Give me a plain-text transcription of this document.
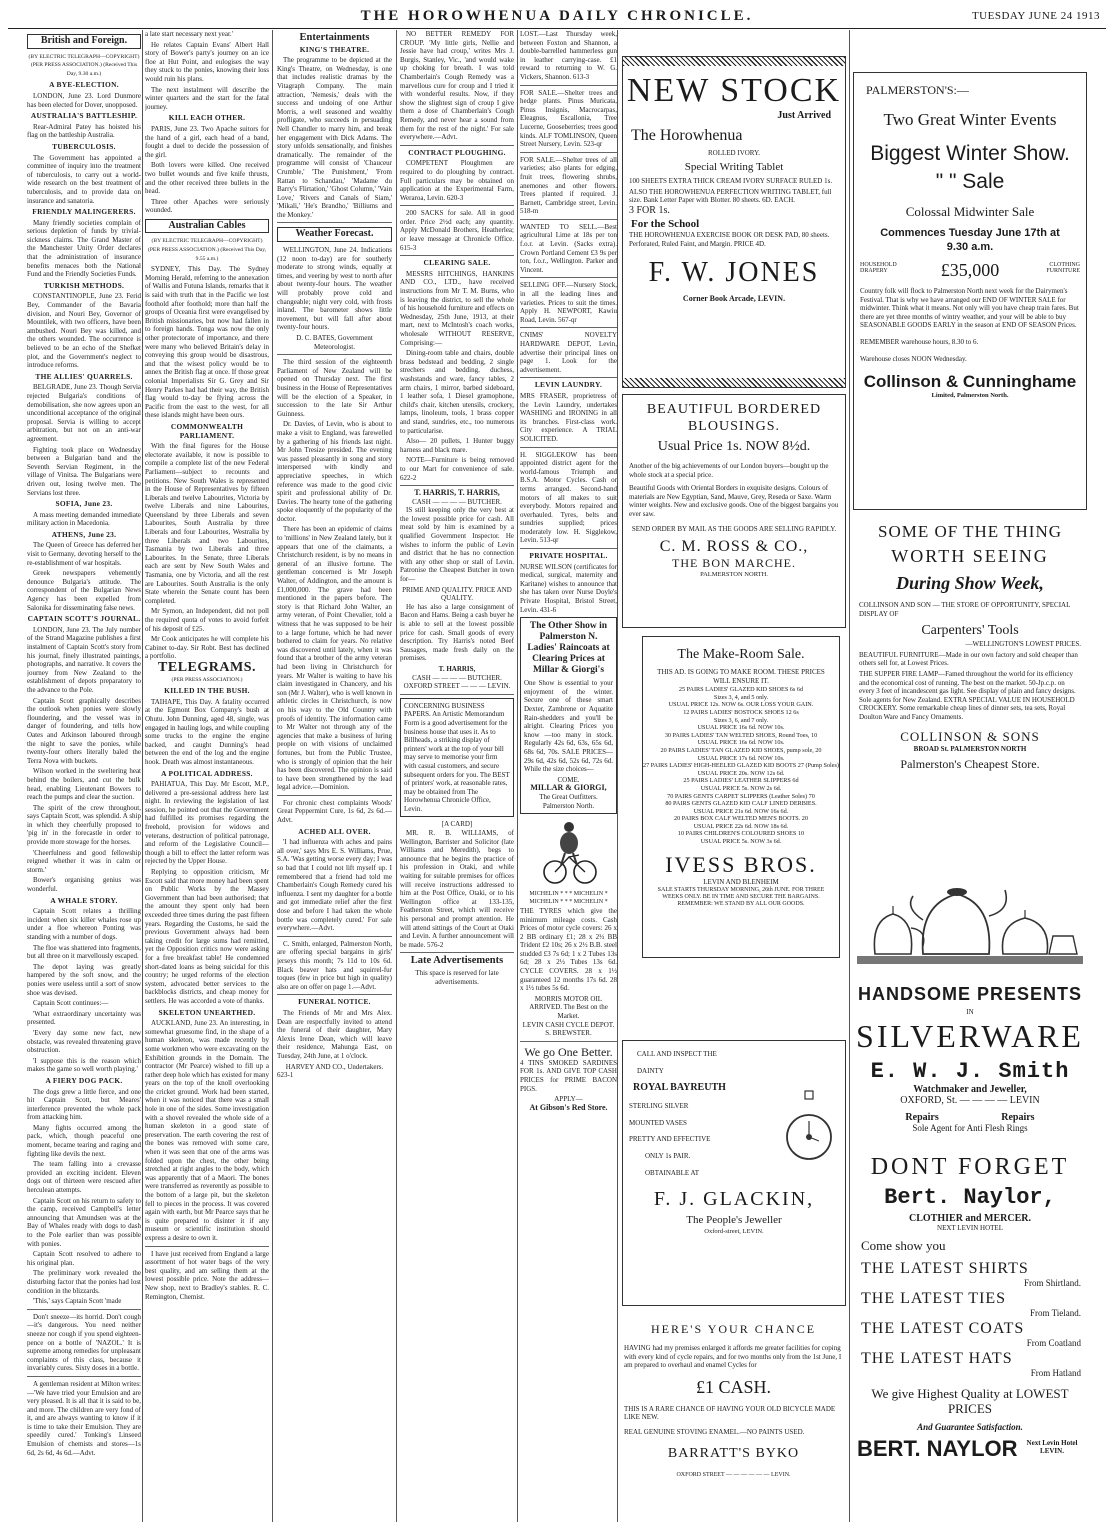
THE HOROWHENUA DAILY CHRONICLE.	TUESDAY JUNE 24 1913
British and Foreign.
(BY ELECTRIC TELEGRAPH—COPYRIGHT) (PER PRESS ASSOCIATION.) (Received This Day, 9.30 a.m.)
A BYE-ELECTION.

LONDON, June 23. Lord Dunmore has been elected for Dover, unopposed.

AUSTRALIA'S BATTLESHIP.

Rear-Admiral Patey has hoisted his flag on the battleship Australia.

TUBERCULOSIS.

The Government has appointed a committee of inquiry into the treatment of tuberculosis, to carry out a world-wide research on the best treatment of tuberculosis, and to provide data on insurance and sanatoria.

FRIENDLY MALINGERERS.

Many friendly societies complain of serious depletion of funds by trivial-sickness claims. The Grand Master of the Manchester Unity Order declares that the administration of insurance benefits menaces both the National Fund and the Friendly Societies Funds.

TURKISH METHODS.

CONSTANTINOPLE, June 23. Ferid Bey, Commander of the Bavaria division, and Nouri Bey, Governor of Mountilek, with two officers, have been ambushed. Nouri Bey was killed, and the others wounded. The occurrence is believed to be an echo of the Shefket plot, and the Government's neglect to introduce reforms.

THE ALLIES' QUARRELS.

BELGRADE, June 23. Though Servia rejected Bulgaria's conditions of demobilisation, she now agrees upon an unconditional acceptance of the original proposal. Servia is willing to accept arbitration, but not on an anti-war agreement.

Fighting took place on Wednesday between a Bulgarian band and the Seventh Servian Regiment, in the village of Vinitsa. The Bulgarians were driven out, losing twelve men. The Servians lost three.

SOFIA, June 23.

A mass meeting demanded immediate military action in Macedonia.

ATHENS, June 23.

The Queen of Greece has deferred her visit to Germany, devoting herself to the re-establishment of war hospitals.

Greek newspapers vehemently denounce Bulgaria's attitude. The correspondent of the Bulgarian News Agency has been expelled from Salonika for disseminating false news.

CAPTAIN SCOTT'S JOURNAL.

LONDON, June 23. The July number of the Strand Magazine publishes a first instalment of Captain Scott's story from his journal, finely illustrated paintings, photographs, and narrative. It covers the journey from New Zealand to the establishment of depots preparatory to the advance to the Pole.

Captain Scott graphically describes the outlook when ponies were slowly floundering, and the vessel was in danger of foundering, and tells how Oates and Atkinson laboured through the night to save the ponies, while twenty-four others literally baled the Terra Nova with buckets.

Wilson worked in the sweltering heat behind the boilers, and cut the bulk head, enabling Lieutenant Bowers to reach the pumps and clear the suction.

The spirit of the crew throughout, says Captain Scott, was splendid. A ship in which they cheerfully proposed to 'pig in' in the forecastle in order to provide more stowage for the horses.

'Cheerfulness and good fellowship reigned whether it was in calm or storm.'

Bower's organising genius was wonderful.

A WHALE STORY.

Captain Scott relates a thrilling incident when six killer whales rose up under a floe whereon Ponting was standing with a number of dogs.

The floe was shattered into fragments, but all three on it marvellously escaped.

The depot laying was greatly hampered by the soft snow, and the ponies were useless until a sort of snow shoe was devised.

Captain Scott continues:—

'What extraordinary uncertainty was presented.

'Every day some new fact, new obstacle, was revealed threatening grave obstruction.

'I suppose this is the reason which makes the game so well worth playing.'

A FIERY DOG PACK.

The dogs grew a little fierce, and one hit Captain Scott, but Meares' interference prevented the whole pack from attacking him.

Many fights occurred among the pack, which, though peaceful one moment, became tearing and raging and fighting like devils the next.

The team falling into a crevasse provided an exciting incident. Eleven dogs out of thirteen were rescued after herculean attempts.

Captain Scott on his return to safety to the camp, received Campbell's letter announcing that Amundsen was at the Bay of Whales ready with dogs to dash to the Pole earlier than was possible with ponies.

Captain Scott resolved to adhere to his original plan.

The preliminary work revealed the disturbing factor that the ponies had lost condition in the blizzards.

'This,' says Captain Scott 'made

Don't sneeze—its horrid. Don't cough—it's dangerous. You need neither sneeze nor cough if you spend eighteen-pence on a bottle of 'NAZOL.' It is supreme among remedies for unpleasant complaints of this class, because it invariably cures. Sixty doses in a bottle.

A gentleman resident at Milton writes:—'We have tried your Emulsion and are very pleased. It is all that it is said to be, and more. The children are very fond of it, and are always wanting to know if it is time to take their Emulsion. They are speedily cured.' Tonking's Linseed Emulsion of chemists and stores—1s 6d, 2s 6d, 4s 6d.—Advt.

a late start necessary next year.'

He relates Captain Evans' Albert Hall story of Bower's party's journey on an ice floe at Hut Point, and eulogises the way they stuck to the ponies, knowing their loss would ruin his plans.

The next instalment will describe the winter quarters and the start for the fatal journey.

KILL EACH OTHER.

PARIS, June 23. Two Apache suitors for the hand of a girl, each head of a band, fought a duel to decide the possession of the girl.

Both lovers were killed. One received two bullet wounds and five knife thrusts, and the other received three bullets in the head.

Three other Apaches were seriously wounded.

Australian Cables
(BY ELECTRIC TELEGRAPH—COPYRIGHT) (PER PRESS ASSOCIATION.) (Received This Day, 9.55 a.m.)

SYDNEY, This Day. The Sydney Morning Herald, referring to the annexation of Wallis and Futuna Islands, remarks that it is said with truth that in the Pacific we lost foothold after foothold; more than half the groups of Oceania first were evangelised by British missionaries, but now had fallen in to foreign hands. Tonga was now the only other protectorate of importance, and there were many who believed Britain's delay in conveying this group would be disastrous, and that the wisest policy would be to annex the British flag at once. If those great colonial Imperialists Sir G. Grey and Sir Henry Parkes had had their way, the British flag would to-day be flying across the Pacific from the east to the west, for all these islands might have been ours.

COMMONWEALTH PARLIAMENT.

With the final figures for the House electorate available, it now is possible to compile a complete list of the new Federal Parliament—subject to recounts and petitions. New South Wales is represented in the House of Representatives by fifteen Liberals and twelve Labourites, Victoria by twelve Liberals and nine Labourites, Queensland by three Liberals and seven Labourites, South Australia by three Liberals and four Labourites, Westralia by three Liberals and two Labourites, Tasmania by two Liberals and three Labourites. In the Senate, three Liberals each are sent by New South Wales and Tasmania, one by Victoria, and all the rest are Labourites. South Australia is the only State wherein the Senate count has been completed.

Mr Symon, an Independent, did not poll the required quota of votes to avoid forfeit of his deposit of £25.

Mr Cook anticipates he will complete his Cabinet to-day. Sir Robt. Best has declined a portfolio.

TELEGRAMS.
(PER PRESS ASSOCIATION.)
KILLED IN THE BUSH.

TAIHAPE, This Day. A fatality occurred at the Egmont Box Company's bush at Ohutu. John Dunning, aged 48, single, was engaged in hauling logs, and while coupling some trucks to the engine the engine backed, and caught Dunning's head between the end of the log and the engine hook. Death was almost instantaneous.

A POLITICAL ADDRESS.

PAHIATUA, This Day. Mr Escott, M.P., delivered a pre-sessional address here last night. In reviewing the legislation of last session, he pointed out that the Government had fulfilled its promises regarding the freehold, provision for widows and veterans, destruction of political patronage, and reform of the Legislative Council—though a bill to effect the latter reform was rejected by the Upper House.

Replying to opposition criticism, Mr Escott said that more money had been spent on Public Works by the Massey Government than had been authorised; that the amount they spent only had been exceeded three times during the past fifteen years. Regarding the Customs, he said the previous Government always had been taking credit for large sums had remitted, yet the Opposition critics now were asking for a free breakfast table! He condemned short-dated loans as being suicidal for this country; he urged reforms of the election system, advocated better services to the backblocks districts, and cheap money for settlers. He was accorded a vote of thanks.

SKELETON UNEARTHED.

AUCKLAND, June 23. An interesting, in somewhat gruesome find, in the shape of a human skeleton, was made recently by some workmen who were excavating on the Exhibition grounds in the Domain. The contractor (Mr Pearce) wished to fill up a rather deep hole which has existed for many years on the top of the knoll overlooking the cricket ground. Work had been started, when it was noticed that there was a small hole in one of the sides. Some investigation with a shovel revealed the whole side of a human skeleton in a good state of preservation. The earth covering the rest of the bones was removed with some care, when it was seen that one of the arms was folded upon the chest, the other being stretched at right angles to the body, which was apparently that of a Maori. The bones were transferred as reverently as possible to the bottom of a large pit, but the skeleton fell to pieces in the process. It was covered again with earth, but Mr Pearce says that he is quite prepared to disinter it if any museum or scientific institution should express a desire to own it.

I have just received from England a large assortment of hot water bags of the very best quality, and am selling them at the lowest possible price. Note the address—New shop, next to Bradley's stables. R. C. Remington, Chemist.

Entertainments
KING'S THEATRE.

The programme to be depicted at the King's Theatre, on Wednesday, is one that includes realistic dramas by the Vitagraph Company. The main attraction, 'Nemesis,' deals with the success and undoing of one Arthur Morris, a well seasoned and wealthy profligate, who succeeds in persuading Nell Chandler to marry him, and break her engagement with Dick Adams. The story unfolds sensationally, and finishes dramatically. The remainder of the programme will consist of 'Chauceur Crumble,' 'The Punishment,' 'From Rattan to Schandau,' 'Madame du Barry's Flirtation,' 'Ghost Column,' 'Vain Love,' 'Rivers and Canals of Siam,' 'Mikali,' 'He's Brandho,' 'Billiums and the Monkey.'

Weather Forecast.

WELLINGTON, June 24. Indications (12 noon to-day) are for southerly moderate to strong winds, equally at times, and veering by west to north after about twenty-four hours. The weather will probably prove cold and changeable; night very cold, with frosts inland. The barometer shows little movement, but will fall after about twenty-four hours.

D. C. BATES, Government Meteorologist.

The third session of the eighteenth Parliament of New Zealand will be opened on Thursday next. The first business in the House of Representatives will be the election of a Speaker, in succession to the late Sir Arthur Guinness.

Dr. Davies, of Levin, who is about to make a visit to England, was farewelled by a gathering of his friends last night. Mr John Tresize presided. The evening was passed pleasantly in song and story interspersed with kindly and appreciative speeches, in which reference was made to the good civic spirit and professional ability of Dr. Davies. The hearty tone of the gathering spoke eloquently of the popularity of the doctor.

There has been an epidemic of claims to 'millions' in New Zealand lately, but it appears that one of the claimants, a Christchurch resident, is by no means in general of an illusive fortune. The gentleman concerned is Mr Joseph Walter, of Addington, and the amount is £1,000,000. The grave had been mentioned in the papers before. The story is that Richard John Walter, an army veteran, of Point Chevalier, told a witness that he was supposed to be heir to a large fortune, which he had never bothered to claim for years. No relative was discovered until lately, when it was found that a brother of the army veteran had been living in Christchurch for years. Mr Walter is waiting to have his claim investigated in Chancery, and his son (Mr J. Walter), who is well known in athletic circles in Christchurch, is now on his way to the Old Country with proofs of identity. The information came to Mr Walter not through any of the agencies that make a business of luring people on with visions of unclaimed fortunes, but from the Public Trustee, who is strongly of opinion that the heir has been discovered. The opinion is said to have been strengthened by the lead legal advice.—Dominion.

For chronic chest complaints Woods' Great Peppermint Cure, 1s 6d, 2s 6d.—Advt.

ACHED ALL OVER.

'I had influenza with aches and pains all over,' says Mrs E. S. Williams, Prue, S.A. 'Was getting worse every day; I was so bad that I could not lift myself up. I remembered that a friend had told me Chamberlain's Cough Remedy cured his influenza. I sent my daughter for a bottle and got immediate relief after the first dose and before I had taken the whole bottle was completely cured.' For sale everywhere.—Advt.

C. Smith, enlarged, Palmerston North, are offering special bargains in girls' jerseys this month; 7s 11d to 10s 6d. Black beaver hats and squirrel-fur toques (few in price but high in quality) also are on offer on page 1.—Advt.

FUNERAL NOTICE.

The Friends of Mr and Mrs Alex. Dean are respectfully invited to attend the funeral of their daughter, Mary Alexis Irene Dean, which will leave their residence, Mahunga East, on Tuesday, 24th June, at 1 o'clock.

HARVEY AND CO., Undertakers.
623-1

NO BETTER REMEDY FOR CROUP. 'My little girls, Nellie and Jessie have had croup,' writes Mrs J. Burgis, Stanley, Vic., 'and would wake up choking for breath. I was told Chamberlain's Cough Remedy was a marvellous cure for croup and I tried it with wonderful results. Now, if they show the slightest sign of croup I give them a dose of Chamberlain's Cough Remedy, and never hear a sound from them for the rest of the night.' For sale everywhere.—Advt.

CONTRACT PLOUGHING.

COMPETENT Ploughmen are required to do ploughing by contract. Full particulars may be obtained on application at the Experimental Farm, Weraroa, Levin. 620-3

200 SACKS for sale. All in good order. Price 2½d each; any quantity. Apply McDonald Brothers, Heatherlea; or leave message at Chronicle Office. 615-3

CLEARING SALE.

MESSRS HITCHINGS, HANKINS AND CO., LTD., have received instructions from Mr T. M. Burns, who is leaving the district, to sell the whole of his household furniture and effects on Wednesday, 25th June, 1913, at their mart, next to McIntosh's coach works, wholesale WITHOUT RESERVE, Comprising:—

Dining-room table and chairs, double brass bedstead and bedding, 2 single strechers and bedding, duchess, washstands and ware, fancy tables, 2 arm chairs, 1 mirror, barbed sideboard, 1 leather sofa, 1 Diesel gramophone, child's chair, kitchen utensils, crockery, lamps, linoleum, tools, 1 brass copper and stand, sundries, etc., too numerous to particularise.

Also— 20 pullets, 1 Hunter buggy harness and black mare.

NOTE—Furniture is being removed to our Mart for convenience of sale. 622-2

T. HARRIS, T. HARRIS,
CASH — — — — BUTCHER.

IS still keeping only the very best at the lowest possible price for cash. All meat sold by him is examined by a qualified Government Inspector. He wishes to inform the public of Levin and district that he has no connection with any other shop or stall of Levin. Patronise the Cheapest Butcher in town for—

PRIME AND QUALITY. PRICE AND QUALITY.

He has also a large consignment of Bacon and Hams. Being a cash buyer he is able to sell at the lowest possible price for cash. Small goods of every description. Try Harris's noted Beef Sausages, made fresh daily on the premises.

T. HARRIS,
CASH — — — — BUTCHER.
OXFORD STREET — — — LEVIN.
CONCERNING BUSINESS PAPERS. An Artistic Memorandum Form is a good advertisement for the business house that uses it. As to Billheads, a striking display of printers' work at the top of your bill may serve to memorise your firm with casual customers, and secure subsequent orders for you. The BEST of printers' work, at reasonable rates, may be obtained from The Horowhenua Chronicle Office, Levin.
[A CARD]

MR. R. B. WILLIAMS, of Wellington, Barrister and Solicitor (late Williams and Meredith), begs to announce that he begins the practice of his profession in Otaki, and while waiting for suitable premises for offices will receive instructions addressed to him at the Post Office, Otaki, or to his Wellington office at 133-135, Featherston Street, which will receive his personal and prompt attention. He will attend sittings of the Court at Otaki and Levin. A further announcement will be made. 576-2

Late Advertisements
This space is reserved for late advertisements.

LOST.—Last Thursday week, between Foxton and Shannon, a double-barrelled hammerless gun in leather carrying-case. £1 reward to returning to W. G. Vickers, Shannon. 613-3

FOR SALE.—Shelter trees and hedge plants. Pinus Muricata, Pinus Insignis, Macrocarpas, Eleagnus, Escallonia, Tree Lucerne, Gooseberries; trees good kinds. ALF TOMLINSON, Queen Street Nursery, Levin. 523-qr

FOR SALE.—Shelter trees of all varieties; also plants for edging, fruit trees, flowering shrubs, anemones and other flowers. Trees planted if required. J. Barnett, Cambridge street, Levin. 518-m

WANTED TO SELL.—Best agricultural Lime at 18s per ton f.o.r. at Levin. (Sacks extra). Crown Portland Cement £3 9s per ton, f.o.r., Wellington. Parker and Vincent.

SELLING OFF.—Nursery Stock, in all the leading lines and varieties. Prices to suit the times. Apply H. NEWPORT, Kawiu Road, Levin. 567-qr

CNIMS' NOVELTY HARDWARE DEPOT, Levin, advertise their principal lines on page 1. Look for the advertisement.

LEVIN LAUNDRY.

MRS FRASER, proprietress of the Levin Laundry, undertakes WASHING and IRONING in all its branches. First-class work. City experience. A TRIAL SOLICITED.

H. SIGGLEKOW has been appointed district agent for the world-famous Triumph and B.S.A. Motor Cycles. Cash or terms arranged. Second-hand motors of all makes to suit everybody. Motors repaired and overhauled. Tyres, belts and sundries supplied; prices moderately low. H. Sigglekow, Levin. 513-qr

PRIVATE HOSPITAL.

NURSE WILSON (certificates for medical, surgical, maternity and Karitane) wishes to announce that she has taken over Nurse Doyle's Private Hospital, Bristol Street, Levin. 431-6

The Other Show in Palmerston N. Ladies' Raincoats at Clearing Prices at Millar & Giorgi's

One Show is essential to your enjoyment of the winter. Secure one of these smart Dexter, Zambrene or Aquatite Rain-shedders and you'll be alright. Clearing Prices you know —too many in stock. Regularly 42s 6d, 63s, 65s 6d, 68s 6d, 70s. SALE PRICES—29s 6d, 42s 6d, 52s 6d, 72s 6d. While the size choices—

COME.
MILLAR & GIORGI,
The Great Outfitters.
Palmerston North.
MICHELIN * * * MICHELIN * MICHELIN * * * MICHELIN *

THE TYRES which give the minimum mileage costs. Cash Prices of motor cycle covers: 26 x 2 BB ordinary £1; 28 x 2½ BB Trident £2 10s; 26 x 2½ B.B. steel studded £3 7s 6d; 1 x 2 Tubes 13s 6d; 28 x 2½ Tubes 13s 6d. CYCLE COVERS. 28 x 1½ guaranteed 12 months 17s 6d. 28 x 1½ tubes 5s 6d.

MORRIS MOTOR OIL ARRIVED. The Best on the Market.
LEVIN CASH CYCLE DEPOT. S. BREWSTER.
We go One Better.

4 TINS SMOKED SARDINES FOR 1s. AND GIVE TOP CASH PRICES for PRIME BACON PIGS.

APPLY—
At Gibson's Red Store.
NEW STOCK
Just Arrived
The Horowhenua
ROLLED IVORY.
Special Writing Tablet
100 SHEETS EXTRA THICK CREAM IVORY SURFACE RULED 1s.
ALSO THE HOROWHENUA PERFECTION WRITING TABLET, full size. Bank Letter Paper with Blotter. 80 sheets. 6D. EACH.
3 FOR 1s.
For the School
THE HOROWHENUA EXERCISE BOOK OR DESK PAD, 80 sheets. Perforated, Ruled Faint, and Margin. PRICE 4D.
F. W. JONES
Corner Book Arcade, LEVIN.
BEAUTIFUL BORDERED BLOUSINGS.
Usual Price 1s. NOW 8½d.
Another of the big achievements of our London buyers—bought up the whole stock at a special price.
Beautiful Goods with Oriental Borders in exquisite designs. Colours of materials are New Egyptian, Sand, Mauve, Grey, Reseda or Saxe. Warm winter weights. New and exclusive goods. One of the biggest bargains you ever saw.
SEND ORDER BY MAIL AS THE GOODS ARE SELLING RAPIDLY.
C. M. ROSS & CO.,
THE BON MARCHE.
PALMERSTON NORTH.
The Make-Room Sale.
THIS AD. IS GOING TO MAKE ROOM. THESE PRICES WILL ENSURE IT.
25 PAIRS LADIES' GLAZED KID SHOES 6s 6d
Sizes 3, 4, and 5 only.
USUAL PRICE 12s. NOW 6s. OUR LOSS YOUR GAIN.
12 PAIRS LADIES' BOSTOCK SHOES 12 6s
Sizes 3, 6, and 7 only.
USUAL PRICE 16s 6d. NOW 10s.
30 PAIRS LADIES' TAN WELTED SHOES, Round Toes, 10
USUAL PRICE 16s 6d. NOW 10s.
20 PAIRS LADIES' TAN GLAZED KID SHOES, pump sole, 20
USUAL PRICE 17s 6d. NOW 10s.
27 PAIRS LADIES' HIGH-HEELED GLAZED KID BOOTS 27 (Pump Soles) USUAL PRICE 20s. NOW 12s 6d.
25 PAIRS LADIES' LEATHER SLIPPERS 6d
USUAL PRICE 5s. NOW 2s 6d.
70 PAIRS GENTS CARPET SLIPPERS (Leather Soles) 70
80 PAIRS GENTS GLAZED KID CALF LINED DERBIES.
USUAL PRICE 21s 6d. NOW 16s 6d.
20 PAIRS BOX CALF WELTED MEN'S BOOTS. 20
USUAL PRICE 22s 6d. NOW 18s 6d.
10 PAIRS CHILDREN'S COLOURED SHOES 10
USUAL PRICE 5s. NOW 3s 6d.
IVESS BROS.
LEVIN AND BLENHEIM
SALE STARTS THURSDAY MORNING, 26th JUNE. FOR THREE WEEKS ONLY. BE IN TIME AND SECURE THE BARGAINS. REMEMBER: WE STAND BY ALL OUR GOODS.
CALL AND INSPECT THE
DAINTY
ROYAL BAYREUTH
STERLING SILVER
MOUNTED VASES
PRETTY AND EFFECTIVE
ONLY 1s PAIR.
OBTAINABLE AT
F. J. GLACKIN,
The People's Jeweller
Oxford-street, LEVIN.
HERE'S YOUR CHANCE
HAVING had my premises enlarged it affords me greater facilities for coping with every kind of cycle repairs, and for two months only from the 1st June, I am prepared to overhaul and enamel Cycles for
£1 CASH.
THIS IS A RARE CHANCE OF HAVING YOUR OLD BICYCLE MADE LIKE NEW.
REAL GENUINE STOVING ENAMEL.—NO PAINTS USED.
BARRATT'S BYKO
OXFORD STREET — — — — — — LEVIN.
PALMERSTON'S:—
Two Great Winter Events
Biggest Winter Show.
" " Sale
Colossal Midwinter Sale
Commences Tuesday June 17th at 9.30 a.m.
HOUSEHOLD DRAPERY	£35,000	CLOTHING FURNITURE
Country folk will flock to Palmerston North next week for the Dairymen's Festival. That is why we have arranged our END OF WINTER SALE for midwinter. Think what it means. Not only will you have cheap train fares. But there are yet three months of wintry weather, and your will be able to buy SEASONABLE GOODS EARLY in the season at END OF SEASON Prices.
REMEMBER warehouse hours, 8.30 to 6.
Warehouse closes NOON Wednesday.
Collinson & Cunninghame
Limited, Palmerston North.
SOME OF THE THING
WORTH SEEING
During Show Week,
COLLINSON AND SON — THE STORE OF OPPORTUNITY, SPECIAL DISPLAY OF
Carpenters' Tools
—WELLINGTON'S LOWEST PRICES.
BEAUTIFUL FURNITURE—Made in our own factory and sold cheaper than others sell for, at Lowest Prices.
THE SUPPER FIRE LAMP—Famed throughout the world for its efficiency and the economical cost of running. The best on the market. 50-Jp.c.p. on every 3 feet of incandescent gas light. See display of plain and fancy designs. Sole agents for New Zealand. EXTRA SPECIAL VALUE IN HOUSEHOLD CROCKERY. Some remarkable cheap lines of dinner sets, tea sets, Royal Doulton Ware and Fancy Ornaments.
COLLINSON & SONS
BROAD St. PALMERSTON NORTH
Palmerston's Cheapest Store.
HANDSOME PRESENTS
IN
SILVERWARE
E. W. J. Smith
Watchmaker and Jeweller,
OXFORD, St. — — — — LEVIN
Repairs Repairs
Sole Agent for Anti Flesh Rings
DONT FORGET
Bert. Naylor,
CLOTHIER and MERCER.
NEXT LEVIN HOTEL
Come show you
THE LATEST SHIRTS
From Shirtland.
THE LATEST TIES
From Tieland.
THE LATEST COATS
From Coatland
THE LATEST HATS
From Hatland
We give Highest Quality at LOWEST PRICES
And Guarantee Satisfaction.
BERT. NAYLOR	Next Levin Hotel LEVIN.
